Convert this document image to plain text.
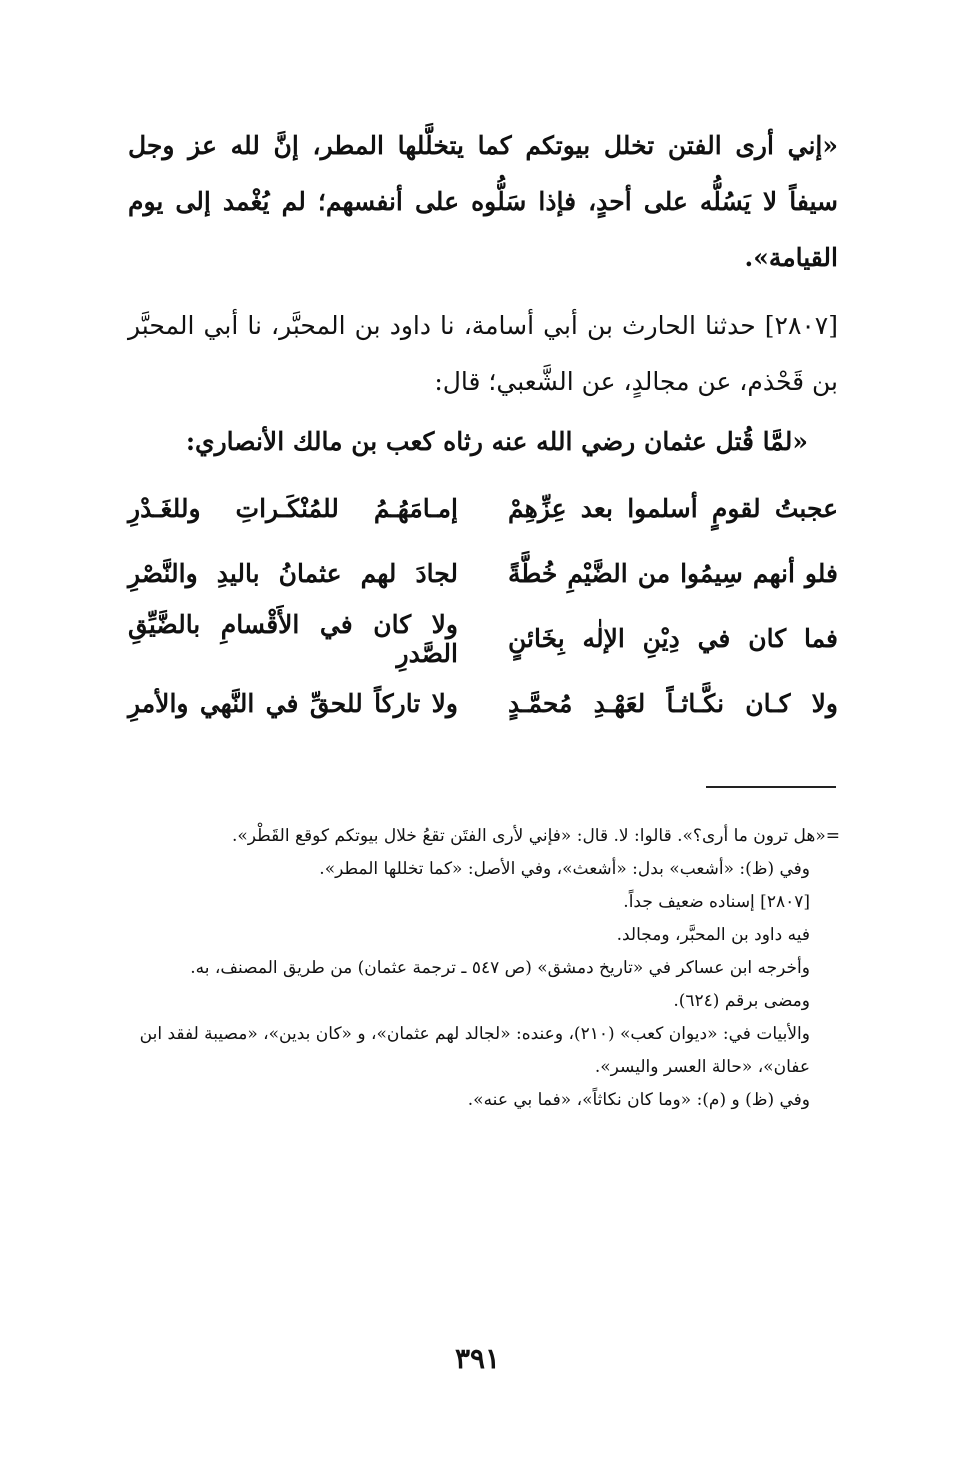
«إني أرى الفتن تخلل بيوتكم كما يتخلَّلها المطر، إنَّ لله عز وجل سيفاً لا يَسُلُّه على أحدٍ، فإذا سَلُّوه على أنفسهم؛ لم يُغْمد إلى يوم القيامة».

[٢٨٠٧] حدثنا الحارث بن أبي أسامة، نا داود بن المحبَّر، نا أبي المحبَّر بن قَحْذم، عن مجالدٍ، عن الشَّعبي؛ قال:

«لمَّا قُتل عثمان رضي الله عنه رثاه كعب بن مالك الأنصاري:
عجبتُ لقومٍ أسلموا بعد عِزِّهِمْ
إمـامَهُـمُ للمُنْكَـراتِ وللغَـدْرِ
فلو أنهم سِيمُوا من الضَّيْمِ خُطَّةً
لجادَ لهم عثمانُ باليدِ والنَّصْرِ
فما كان في دِيْنِ الإلٰه بِخَائنٍ
ولا كان في الأَقْسامِ بالضَّيِّقِ الصَّدرِ
ولا كـان نكَّـاثـاً لعَهْـدِ مُحمَّـدٍ
ولا تاركاً للحقِّ في النَّهي والأمرِ

=«هل ترون ما أرى؟». قالوا: لا. قال: «فإني لأرى الفتَن تقعُ خلال بيوتكم كوقع القَطْر».

وفي (ظ): «أشعب» بدل: «أشعث»، وفي الأصل: «كما تخللها المطر».

[٢٨٠٧] إسناده ضعيف جداً.

فيه داود بن المحبَّر، ومجالد.

وأخرجه ابن عساكر في «تاريخ دمشق» (ص ٥٤٧ ـ ترجمة عثمان) من طريق المصنف، به.

ومضى برقم (٦٢٤).

والأبيات في: «ديوان كعب» (٢١٠)، وعنده: «لجالد لهم عثمان»، و «كان بدين»، «مصيبة لفقد ابن عفان»، «حالة العسر واليسر».

وفي (ظ) و (م): «وما كان نكاثاً»، «فما بي عنه».

٣٩١
